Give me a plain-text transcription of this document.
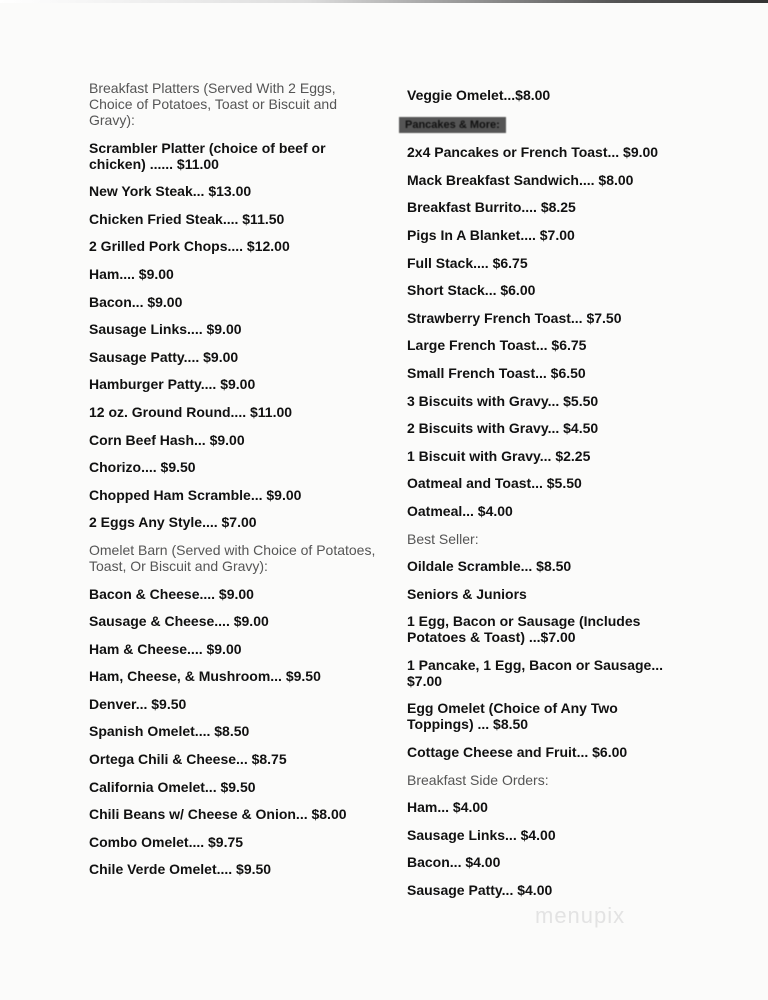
Breakfast Platters (Served With 2 Eggs, Choice of Potatoes, Toast or Biscuit and Gravy):
Scrambler Platter (choice of beef or chicken) ...... $11.00
New York Steak... $13.00
Chicken Fried Steak.... $11.50
2 Grilled Pork Chops.... $12.00
Ham.... $9.00
Bacon... $9.00
Sausage Links.... $9.00
Sausage Patty.... $9.00
Hamburger Patty.... $9.00
12 oz. Ground Round.... $11.00
Corn Beef Hash... $9.00
Chorizo.... $9.50
Chopped Ham Scramble... $9.00
2 Eggs Any Style.... $7.00
Omelet Barn (Served with Choice of Potatoes, Toast, Or Biscuit and Gravy):
Bacon & Cheese.... $9.00
Sausage & Cheese.... $9.00
Ham & Cheese.... $9.00
Ham, Cheese, & Mushroom... $9.50
Denver... $9.50
Spanish Omelet.... $8.50
Ortega Chili & Cheese... $8.75
California Omelet... $9.50
Chili Beans w/ Cheese & Onion... $8.00
Combo Omelet.... $9.75
Chile Verde Omelet.... $9.50
Veggie Omelet...$8.00
Pancakes & More:
2x4 Pancakes or French Toast... $9.00
Mack Breakfast Sandwich.... $8.00
Breakfast Burrito.... $8.25
Pigs In A Blanket.... $7.00
Full Stack.... $6.75
Short Stack... $6.00
Strawberry French Toast... $7.50
Large French Toast... $6.75
Small French Toast... $6.50
3 Biscuits with Gravy... $5.50
2 Biscuits with Gravy... $4.50
1 Biscuit with Gravy... $2.25
Oatmeal and Toast... $5.50
Oatmeal... $4.00
Best Seller:
Oildale Scramble... $8.50
Seniors & Juniors
1 Egg, Bacon or Sausage (Includes Potatoes & Toast) ...$7.00
1 Pancake, 1 Egg, Bacon or Sausage... $7.00
Egg Omelet (Choice of Any Two Toppings) ... $8.50
Cottage Cheese and Fruit... $6.00
Breakfast Side Orders:
Ham... $4.00
Sausage Links... $4.00
Bacon... $4.00
Sausage Patty... $4.00
menupix
